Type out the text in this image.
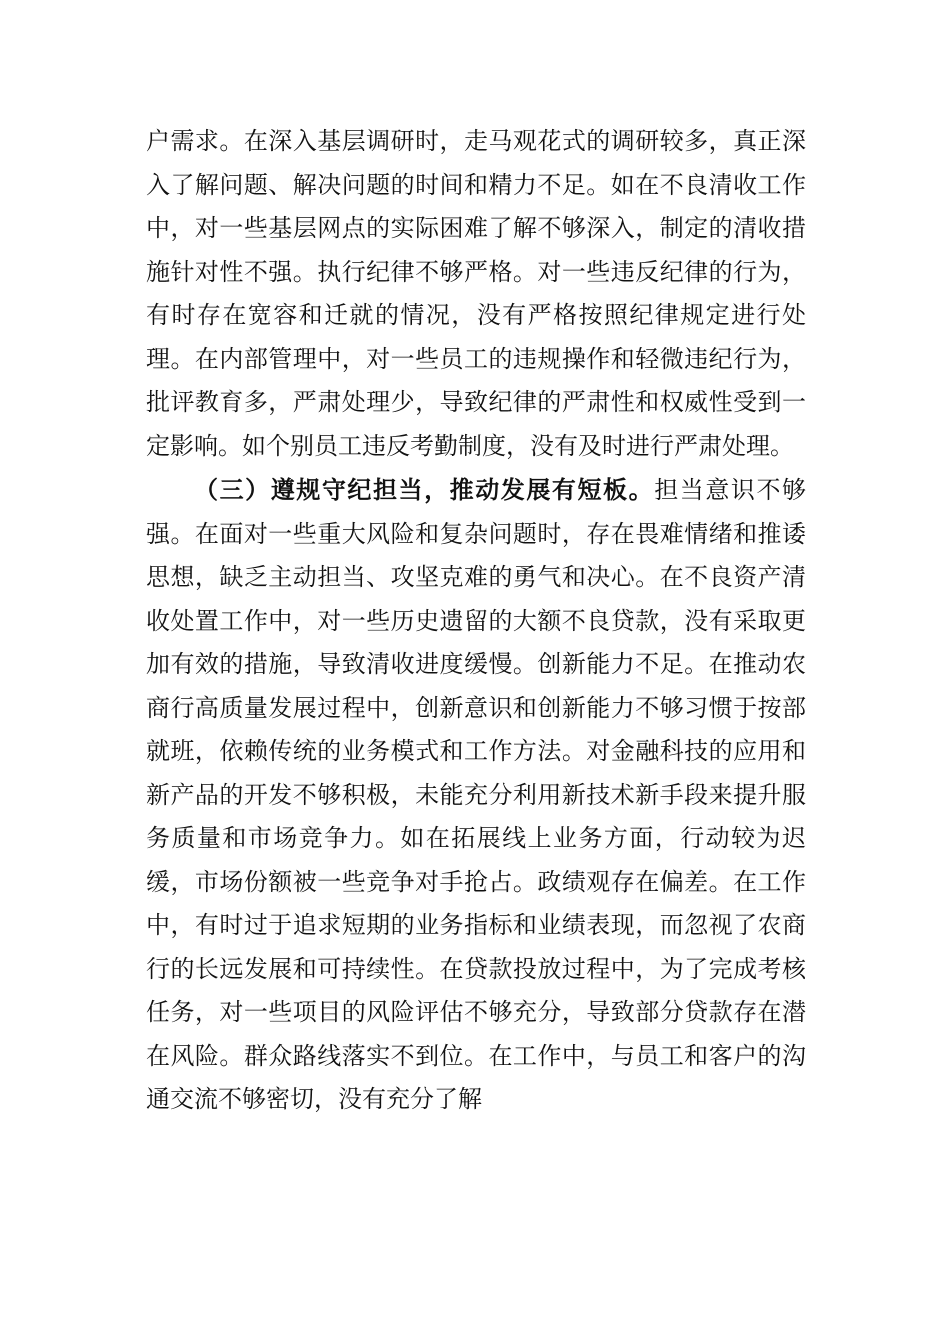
户需求。在深入基层调研时，走马观花式的调研较多，真正深入了解问题、解决问题的时间和精力不足。如在不良清收工作中，对一些基层网点的实际困难了解不够深入，制定的清收措施针对性不强。执行纪律不够严格。对一些违反纪律的行为，有时存在宽容和迁就的情况，没有严格按照纪律规定进行处理。在内部管理中，对一些员工的违规操作和轻微违纪行为，批评教育多，严肃处理少，导致纪律的严肃性和权威性受到一定影响。如个别员工违反考勤制度，没有及时进行严肃处理。

（三）遵规守纪担当，推动发展有短板。担当意识不够强。在面对一些重大风险和复杂问题时，存在畏难情绪和推诿思想，缺乏主动担当、攻坚克难的勇气和决心。在不良资产清收处置工作中，对一些历史遗留的大额不良贷款，没有采取更加有效的措施，导致清收进度缓慢。创新能力不足。在推动农商行高质量发展过程中，创新意识和创新能力不够习惯于按部就班，依赖传统的业务模式和工作方法。对金融科技的应用和新产品的开发不够积极，未能充分利用新技术新手段来提升服务质量和市场竞争力。如在拓展线上业务方面，行动较为迟缓，市场份额被一些竞争对手抢占。政绩观存在偏差。在工作中，有时过于追求短期的业务指标和业绩表现，而忽视了农商行的长远发展和可持续性。在贷款投放过程中，为了完成考核任务，对一些项目的风险评估不够充分，导致部分贷款存在潜在风险。群众路线落实不到位。在工作中，与员工和客户的沟通交流不够密切，没有充分了解
